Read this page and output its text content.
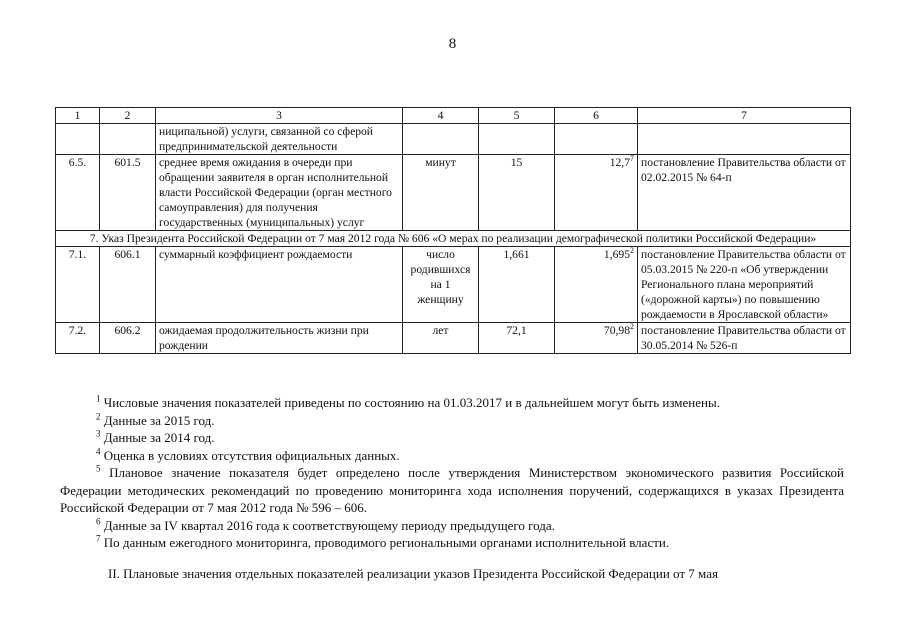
8
1	2	3	4	5	6	7
		ниципальной) услуги, связанной со сферой предпринимательской деятельности				
6.5.	601.5	среднее время ожидания в очереди при обращении заявителя в орган исполнительной власти Российской Федерации (орган местного самоуправления) для получения государственных (муниципальных) услуг	минут	15	12,7$^7$	постановление Правительства области от 02.02.2015 № 64-п
7. Указ Президента Российской Федерации от 7 мая 2012 года № 606 «О мерах по реализации демографической политики Российской Федерации»						
7.1.	606.1	суммарный коэффициент рождаемости	число родившихся на 1 женщину	1,661	1,695$^2$	постановление Правительства области от 05.03.2015 № 220-п «Об утверждении Регионального плана мероприятий («дорожной карты») по повышению рождаемости в Ярославской области»
7.2.	606.2	ожидаемая продолжительность жизни при рождении	лет	72,1	70,98$^2$	постановление Правительства области от 30.05.2014 № 526-п

$^1$ Числовые значения показателей приведены по состоянию на 01.03.2017 и в дальнейшем могут быть изменены.

$^2$ Данные за 2015 год.

$^3$ Данные за 2014 год.

$^4$ Оценка в условиях отсутствия официальных данных.

$^5$ Плановое значение показателя будет определено после утверждения Министерством экономического развития Российской Федерации методических рекомендаций по проведению мониторинга хода исполнения поручений, содержащихся в указах Президента Российской Федерации от 7 мая 2012 года № 596 – 606.

$^6$ Данные за IV квартал 2016 года к соответствующему периоду предыдущего года.

$^7$ По данным ежегодного мониторинга, проводимого региональными органами исполнительной власти.

II. Плановые значения отдельных показателей реализации указов Президента Российской Федерации от 7 мая
